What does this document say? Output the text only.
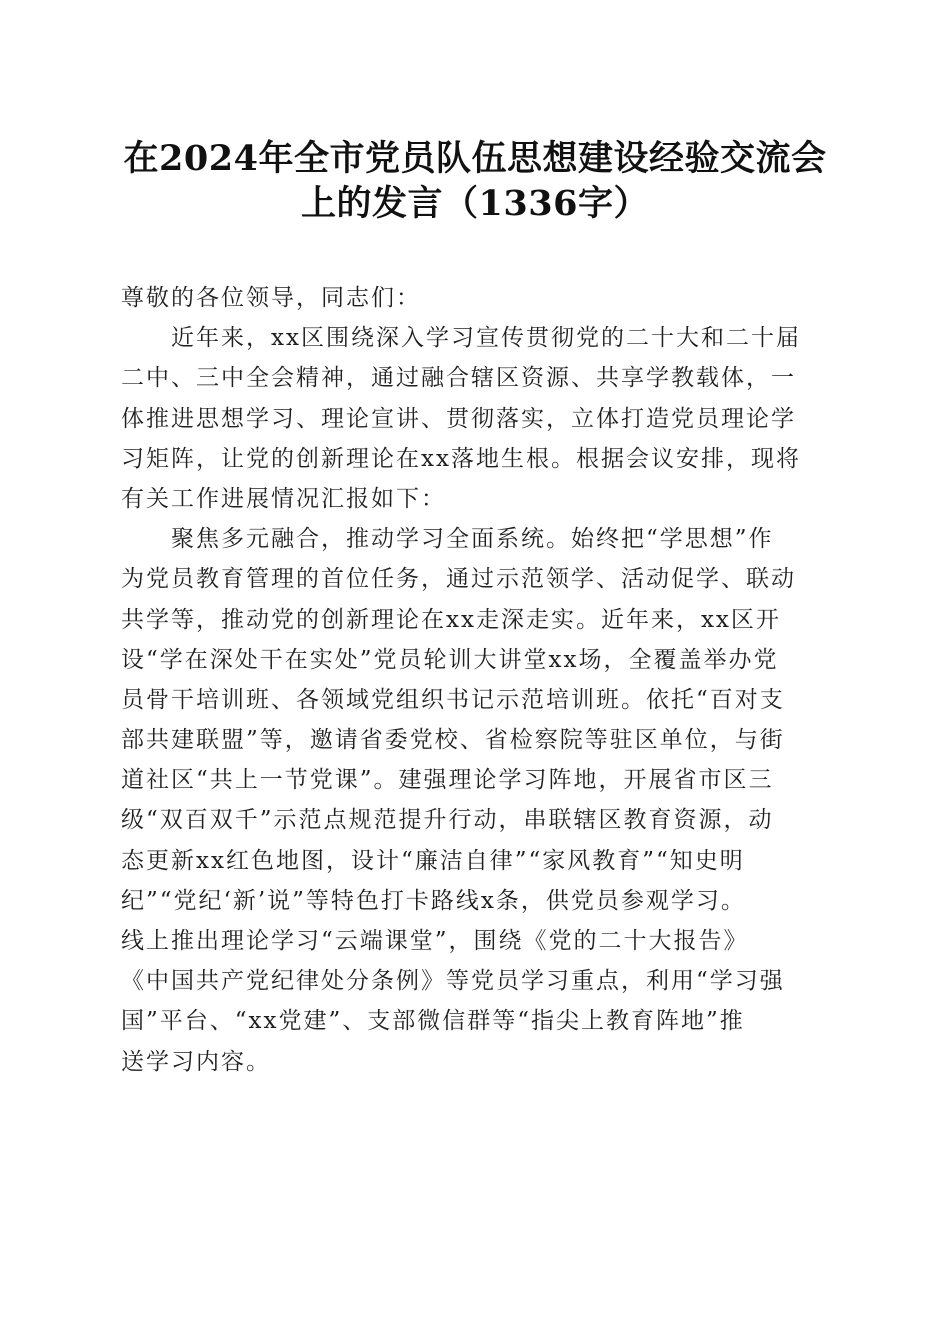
在2024年全市党员队伍思想建设经验交流会
上的发言（1336字）
尊敬的各位领导，同志们：
近年来，xx区围绕深入学习宣传贯彻党的二十大和二十届
二中、三中全会精神，通过融合辖区资源、共享学教载体，一
体推进思想学习、理论宣讲、贯彻落实，立体打造党员理论学
习矩阵，让党的创新理论在xx落地生根。根据会议安排，现将
有关工作进展情况汇报如下：
聚焦多元融合，推动学习全面系统。始终把“学思想”作
为党员教育管理的首位任务，通过示范领学、活动促学、联动
共学等，推动党的创新理论在xx走深走实。近年来，xx区开
设“学在深处干在实处”党员轮训大讲堂xx场，全覆盖举办党
员骨干培训班、各领域党组织书记示范培训班。依托“百对支
部共建联盟”等，邀请省委党校、省检察院等驻区单位，与街
道社区“共上一节党课”。建强理论学习阵地，开展省市区三
级“双百双千”示范点规范提升行动，串联辖区教育资源，动
态更新xx红色地图，设计“廉洁自律”“家风教育”“知史明
纪”“党纪‘新’说”等特色打卡路线x条，供党员参观学习。
线上推出理论学习“云端课堂”，围绕《党的二十大报告》
《中国共产党纪律处分条例》等党员学习重点，利用“学习强
国”平台、“xx党建”、支部微信群等“指尖上教育阵地”推
送学习内容。
